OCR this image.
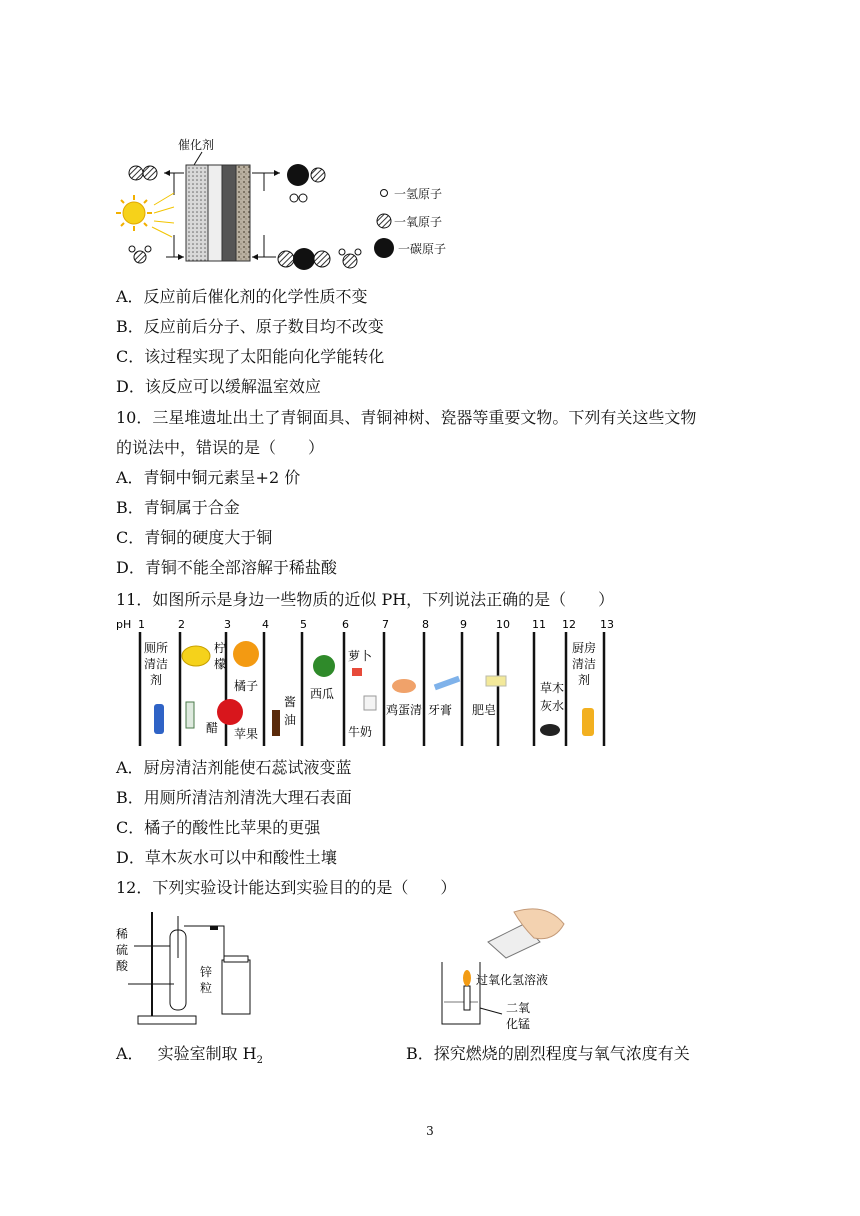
催化剂
一氢原子
一氧原子
一碳原子
A．反应前后催化剂的化学性质不变
B．反应前后分子、原子数目均不改变
C．该过程实现了太阳能向化学能转化
D．该反应可以缓解温室效应
10．三星堆遗址出土了青铜面具、青铜神树、瓷器等重要文物。下列有关这些文物
的说法中，错误的是（　　）
A．青铜中铜元素呈+2 价
B．青铜属于合金
C．青铜的硬度大于铜
D．青铜不能全部溶解于稀盐酸
11．如图所示是身边一些物质的近似 PH，下列说法正确的是（　　）
pH 1	2	3	4	5	6	7	8	9	10 11 12 13
厕所
清洁
剂
柠
檬
醋
橘子
苹果
酱
油
西瓜
萝卜
牛奶
鸡蛋清 牙膏 肥皂
草木
灰水
厨房
清洁
剂
A．厨房清洁剂能使石蕊试液变蓝
B．用厕所清洁剂清洗大理石表面
C．橘子的酸性比苹果的更强
D．草木灰水可以中和酸性土壤
12．下列实验设计能达到实验目的的是（　　）
稀
硫
酸	锌
粒
过氧化氢溶液
二氧
化锰
A． 实验室制取 $H_2$	B．探究燃烧的剧烈程度与氧气浓度有关
3
